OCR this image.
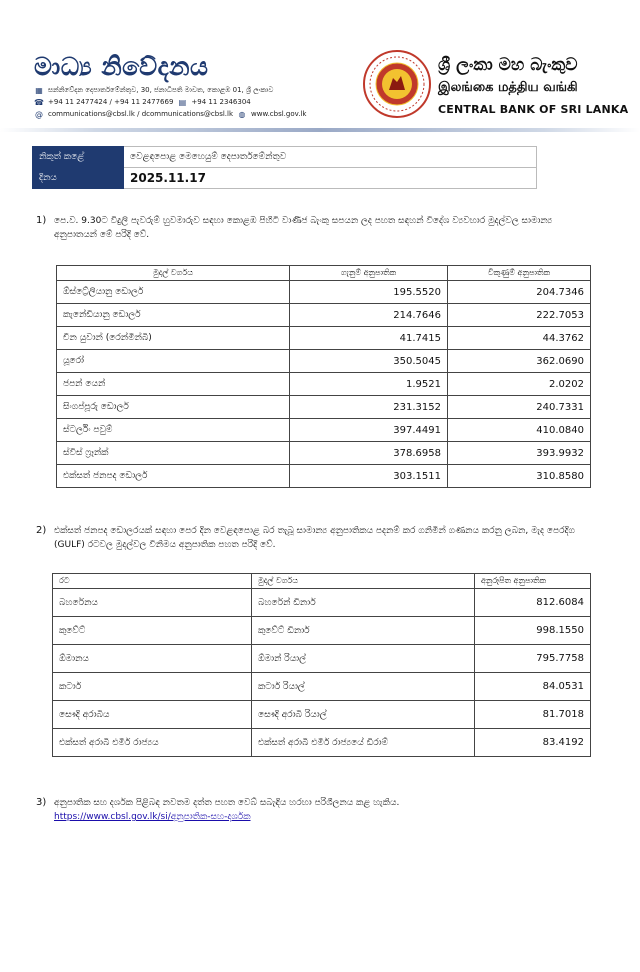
මාධ්‍ය නිවේදනය
▦ සන්නිවේදන දෙපාර්තමේන්තුව, 30, ජනාධිපති මාවත, කොළඹ 01, ශ්‍රී ලංකාව
☎ +94 11 2477424 / +94 11 2477669 ▤ +94 11 2346304
@ communications@cbsl.lk / dcommunications@cbsl.lk ◍ www.cbsl.gov.lk
ශ්‍රී ලංකා මහ බැංකුව
இலங்கை மத்திய வங்கி
CENTRAL BANK OF SRI LANKA
නිකුත් කළේ	වෙළඳපොළ මෙහෙයුම් දෙපාර්තමේන්තුව
දිනය	2025.11.17
1) පෙ.ව. 9.30ට විදුලි පැවරුම් හුවමාරුව සඳහා කොළඹ පිහිටි වාණිජ බැංකු සපයන ලද පහත සඳහන් විදේශ ව්‍යවහාර මුදල්වල සාමාන්‍ය අනුපාතයන් මේ පරිදි වේ.
මුදල් වර්ගය	ගැනුම් අනුපාතික	විකුණුම් අනුපාතික
ඕස්ට්‍රේලියානු ඩොලර්	195.5520	204.7346
කැනේඩියානු ඩොලර්	214.7646	222.7053
චීන යුවාන් (රෙන්මින්බි)	41.7415	44.3762
යූරෝ	350.5045	362.0690
ජපන් යෙන්	1.9521	2.0202
සිංගප්පූරු ඩොලර්	231.3152	240.7331
ස්ටර්ලිං පවුම්	397.4491	410.0840
ස්විස් ෆ්‍රෑන්ක්	378.6958	393.9932
එක්සත් ජනපද ඩොලර්	303.1511	310.8580
2) එක්සත් ජනපද ඩොලරයක් සඳහා පෙර දින වෙළඳපොළ බර තැබූ සාමාන්‍ය අනුපාතිකය පදනම් කර ගනිමින් ගණනය කරනු ලබන, මැද පෙරදිග (GULF) රටවල මුදල්වල විනිමය අනුපාතික පහත පරිදි වේ.
රට	මුදල් වර්ගය	අනුරූපිත අනුපාතික
බහරේනය	බහරේන් ඩිනාර්	812.6084
කුවේට්	කුවේට් ඩිනාර්	998.1550
ඕමානය	ඕමාන් රියාල්	795.7758
කටාර්	කටාර් රියාල්	84.0531
සෞදි අරාබිය	සෞදි අරාබි රියාල්	81.7018
එක්සත් අරාබි එමීර් රාජ්‍යය	එක්සත් අරාබි එමීර් රාජ්‍යයේ ඩිරාම්	83.4192
3) අනුපාතික සහ දර්ශක පිළිබඳ නවතම දත්ත පහත වෙබ් සබැඳිය හරහා පරිශීලනය කළ හැකිය.
https://www.cbsl.gov.lk/si/අනුපාතික-සහ-දර්ශක
